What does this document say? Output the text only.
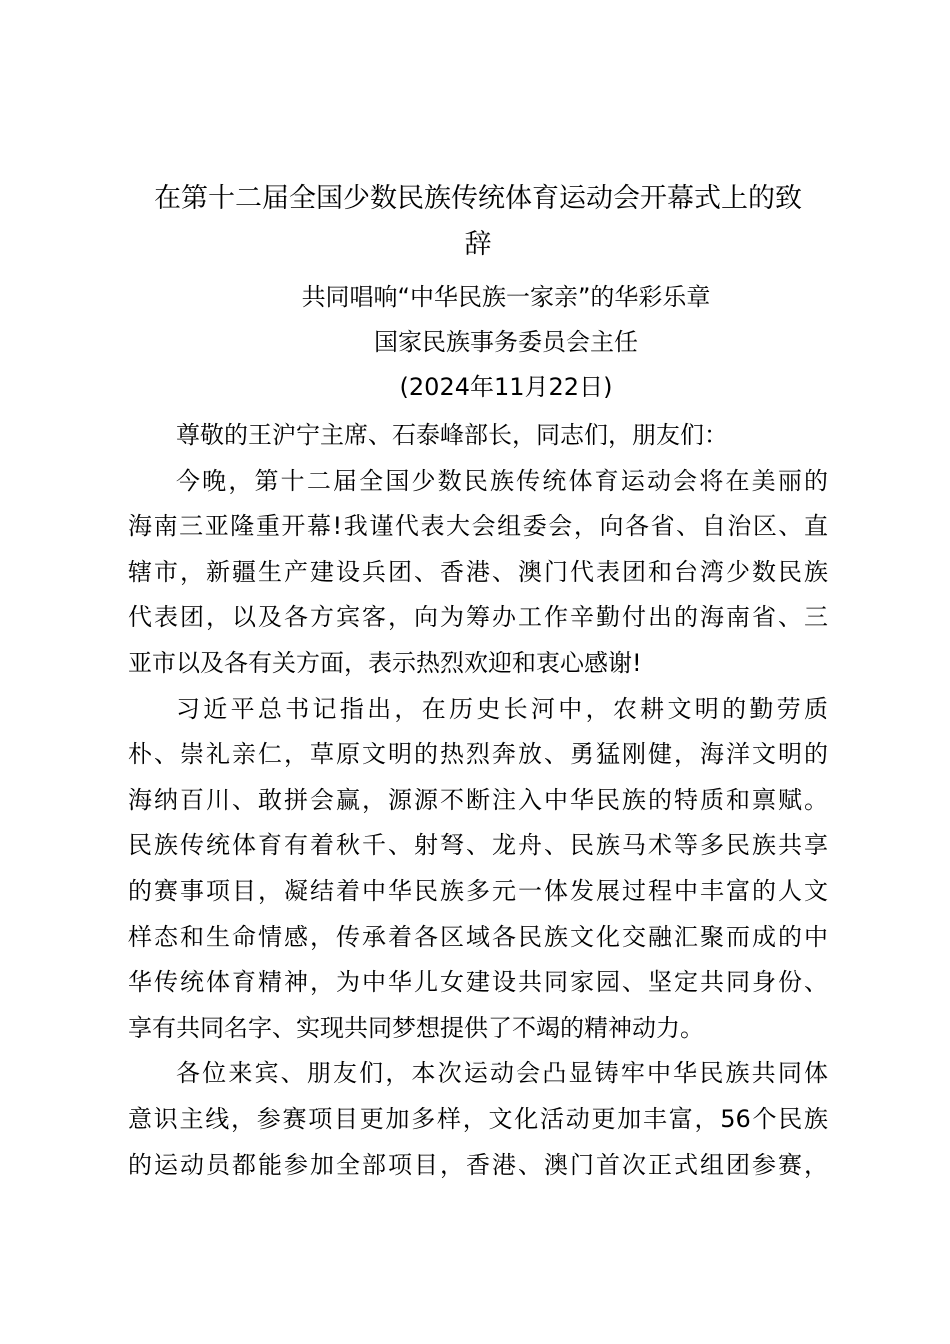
在第十二届全国少数民族传统体育运动会开幕式上的致
辞

共同唱响“中华民族一家亲”的华彩乐章

国家民族事务委员会主任

(2024年11月22日)

尊敬的王沪宁主席、石泰峰部长，同志们，朋友们：

今晚，第十二届全国少数民族传统体育运动会将在美丽的
海南三亚隆重开幕!我谨代表大会组委会，向各省、自治区、直
辖市，新疆生产建设兵团、香港、澳门代表团和台湾少数民族
代表团，以及各方宾客，向为筹办工作辛勤付出的海南省、三
亚市以及各有关方面，表示热烈欢迎和衷心感谢!

习近平总书记指出，在历史长河中，农耕文明的勤劳质
朴、崇礼亲仁，草原文明的热烈奔放、勇猛刚健，海洋文明的
海纳百川、敢拼会赢，源源不断注入中华民族的特质和禀赋。
民族传统体育有着秋千、射弩、龙舟、民族马术等多民族共享
的赛事项目，凝结着中华民族多元一体发展过程中丰富的人文
样态和生命情感，传承着各区域各民族文化交融汇聚而成的中
华传统体育精神，为中华儿女建设共同家园、坚定共同身份、
享有共同名字、实现共同梦想提供了不竭的精神动力。

各位来宾、朋友们，本次运动会凸显铸牢中华民族共同体
意识主线，参赛项目更加多样，文化活动更加丰富，56个民族
的运动员都能参加全部项目，香港、澳门首次正式组团参赛，
